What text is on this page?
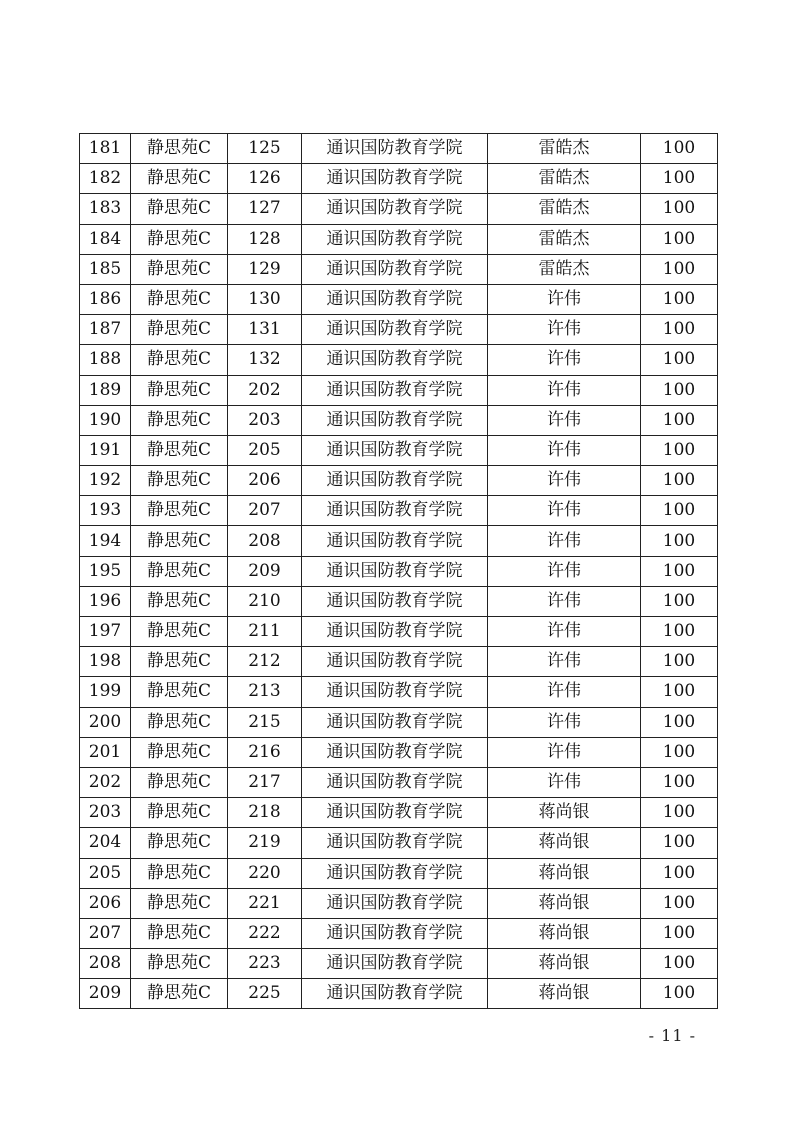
181	静思苑C	125	通识国防教育学院	雷皓杰	100
182	静思苑C	126	通识国防教育学院	雷皓杰	100
183	静思苑C	127	通识国防教育学院	雷皓杰	100
184	静思苑C	128	通识国防教育学院	雷皓杰	100
185	静思苑C	129	通识国防教育学院	雷皓杰	100
186	静思苑C	130	通识国防教育学院	许伟	100
187	静思苑C	131	通识国防教育学院	许伟	100
188	静思苑C	132	通识国防教育学院	许伟	100
189	静思苑C	202	通识国防教育学院	许伟	100
190	静思苑C	203	通识国防教育学院	许伟	100
191	静思苑C	205	通识国防教育学院	许伟	100
192	静思苑C	206	通识国防教育学院	许伟	100
193	静思苑C	207	通识国防教育学院	许伟	100
194	静思苑C	208	通识国防教育学院	许伟	100
195	静思苑C	209	通识国防教育学院	许伟	100
196	静思苑C	210	通识国防教育学院	许伟	100
197	静思苑C	211	通识国防教育学院	许伟	100
198	静思苑C	212	通识国防教育学院	许伟	100
199	静思苑C	213	通识国防教育学院	许伟	100
200	静思苑C	215	通识国防教育学院	许伟	100
201	静思苑C	216	通识国防教育学院	许伟	100
202	静思苑C	217	通识国防教育学院	许伟	100
203	静思苑C	218	通识国防教育学院	蒋尚银	100
204	静思苑C	219	通识国防教育学院	蒋尚银	100
205	静思苑C	220	通识国防教育学院	蒋尚银	100
206	静思苑C	221	通识国防教育学院	蒋尚银	100
207	静思苑C	222	通识国防教育学院	蒋尚银	100
208	静思苑C	223	通识国防教育学院	蒋尚银	100
209	静思苑C	225	通识国防教育学院	蒋尚银	100
- 11 -
